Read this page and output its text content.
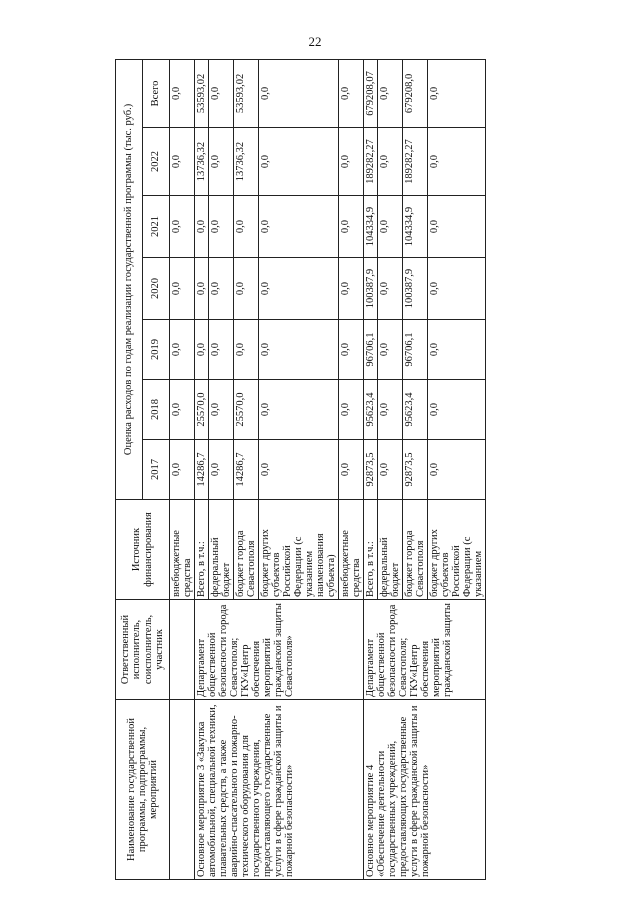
22
Наименование государственной программы, подпрограммы, мероприятий	Ответственный исполнитель, соисполнитель, участник	Источник финансирования	Оценка расходов по годам реализации государственной программы (тыс. руб.)						
			2017	2018	2019	2020	2021	2022	Всего
		внебюджетные средства	0,0	0,0	0,0	0,0	0,0	0,0	0,0
Основное мероприятие 3 «Закупка автомобильной, специальной техники, плавательных средств, а также аварийно-спасательного и пожарно-технического оборудования для государственного учреждения, предоставляющего государственные услуги в сфере гражданской защиты и пожарной безопасности»	Департамент общественной безопасности города Севастополя; ГКУ«Центр обеспечения мероприятий гражданской защиты Севастополя»	Всего, в т.ч.:	14286,7	25570,0	0,0	0,0	0,0	13736,32	53593,02
		федеральный бюджет	0,0	0,0	0,0	0,0	0,0	0,0	0,0
		бюджет города Севастополя	14286,7	25570,0	0,0	0,0	0,0	13736,32	53593,02
		бюджет других субъектов Российской Федерации (с указанием наименования субъекта)	0,0	0,0	0,0	0,0	0,0	0,0	0,0
		внебюджетные средства	0,0	0,0	0,0	0,0	0,0	0,0	0,0
Основное мероприятие 4 «Обеспечение деятельности государственных учреждений, предоставляющих государственные услуги в сфере гражданской защиты и пожарной безопасности»	Департамент общественной безопасности города Севастополя; ГКУ«Центр обеспечения мероприятий гражданской защиты	Всего, в т.ч.:	92873,5	95623,4	96706,1	100387,9	104334,9	189282,27	679208,07
		федеральный бюджет	0,0	0,0	0,0	0,0	0,0	0,0	0,0
		бюджет города Севастополя	92873,5	95623,4	96706,1	100387,9	104334,9	189282,27	679208,0
		бюджет других субъектов Российской Федерации (с указанием	0,0	0,0	0,0	0,0	0,0	0,0	0,0
